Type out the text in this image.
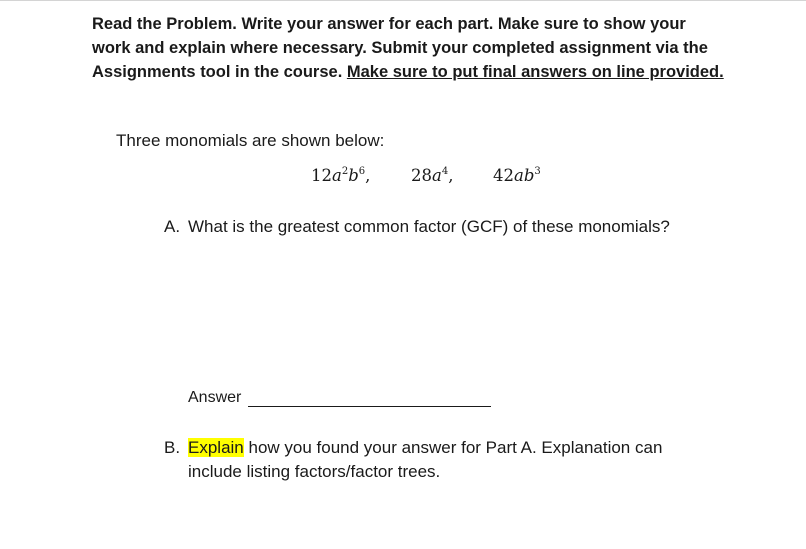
Read the Problem. Write your answer for each part. Make sure to show your
work and explain where necessary. Submit your completed assignment via the
Assignments tool in the course. Make sure to put final answers on line provided.
Three monomials are shown below:
$12a^2b^6$, $28a^4$, $42ab^3$
A. What is the greatest common factor (GCF) of these monomials?
Answer
B. Explain how you found your answer for Part A. Explanation can
include listing factors/factor trees.
